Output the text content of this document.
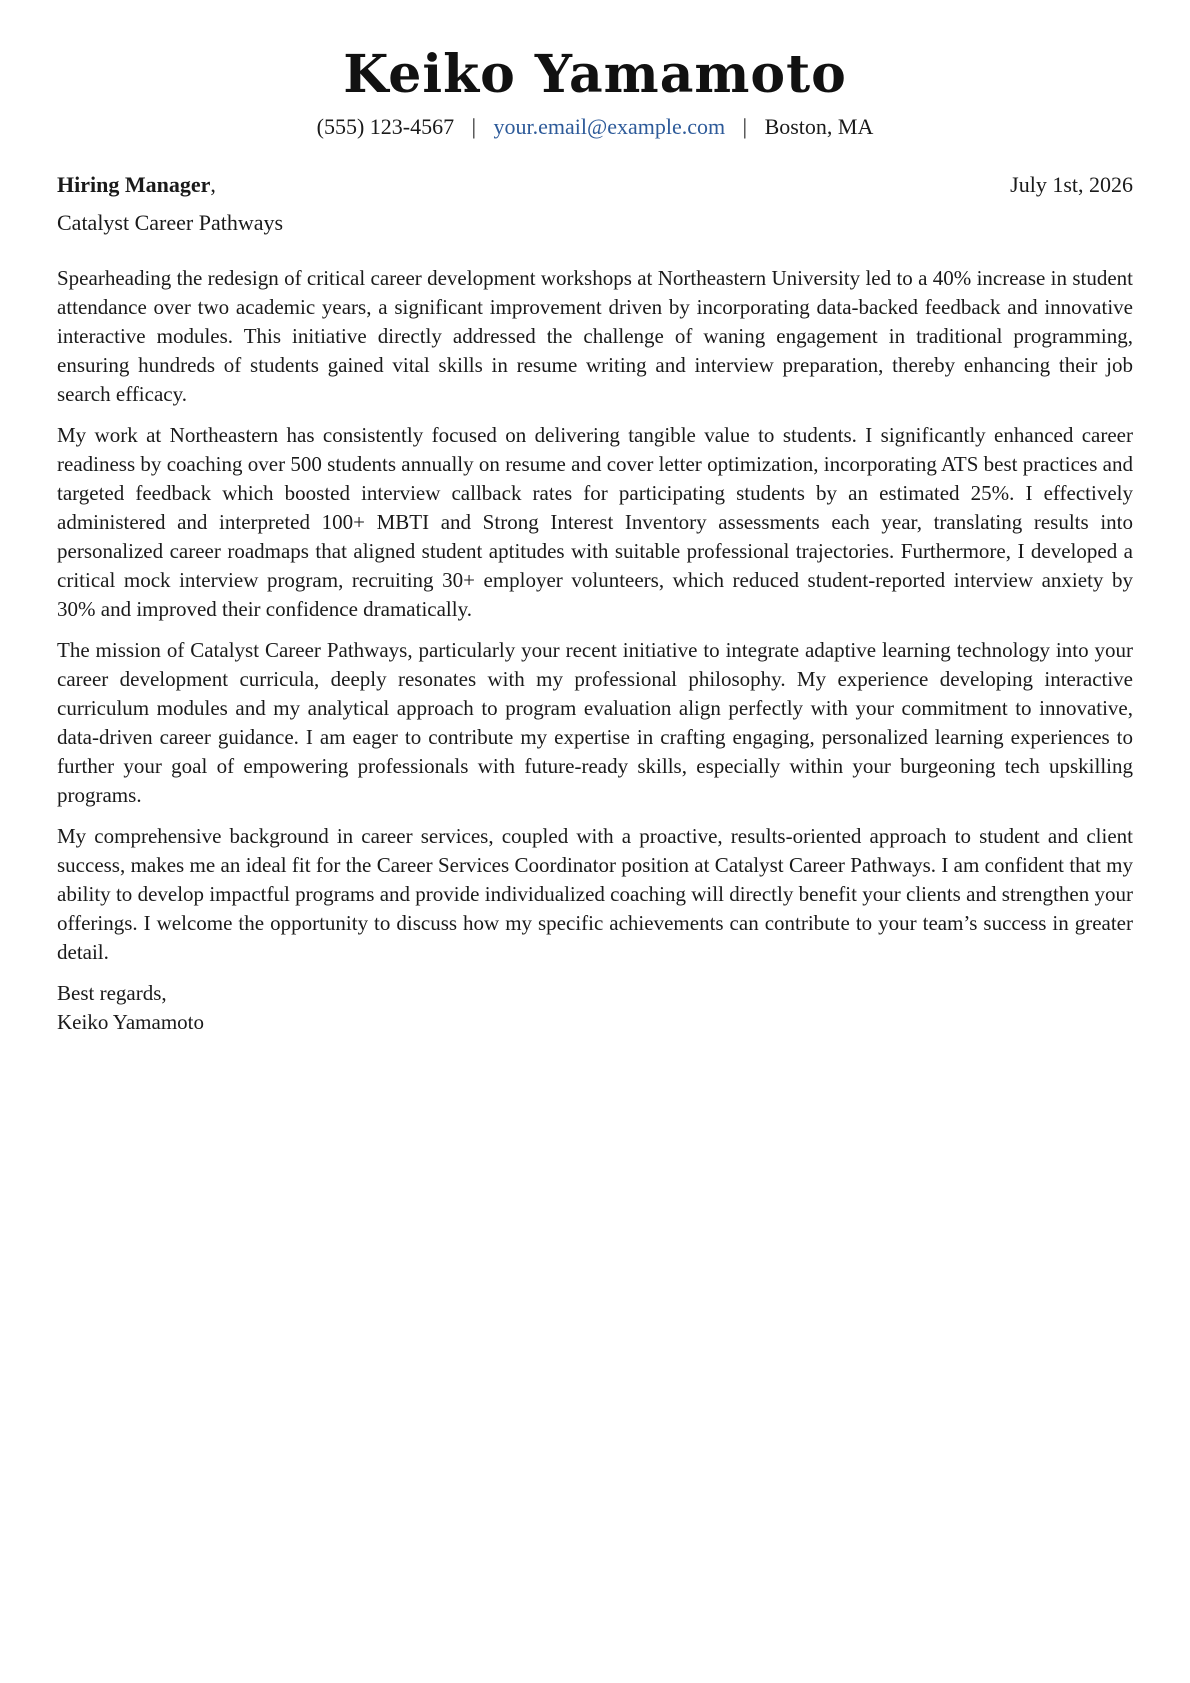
Keiko Yamamoto
(555) 123-4567 | your.email@example.com | Boston, MA
Hiring Manager,	July 1st, 2026
Catalyst Career Pathways

Spearheading the redesign of critical career development workshops at Northeastern University led to a 40% increase in student attendance over two academic years, a significant improvement driven by incorporating data-backed feedback and innovative interactive modules. This initiative directly addressed the challenge of waning engagement in traditional programming, ensuring hundreds of students gained vital skills in resume writing and interview preparation, thereby enhancing their job search efficacy.

My work at Northeastern has consistently focused on delivering tangible value to students. I significantly enhanced career readiness by coaching over 500 students annually on resume and cover letter optimization, incorporating ATS best practices and targeted feedback which boosted interview callback rates for participating students by an estimated 25%. I effectively administered and interpreted 100+ MBTI and Strong Interest Inventory assessments each year, translating results into personalized career roadmaps that aligned student aptitudes with suitable professional trajectories. Furthermore, I developed a critical mock interview program, recruiting 30+ employer volunteers, which reduced student-reported interview anxiety by 30% and improved their confidence dramatically.

The mission of Catalyst Career Pathways, particularly your recent initiative to integrate adaptive learning technology into your career development curricula, deeply resonates with my professional philosophy. My experience developing interactive curriculum modules and my analytical approach to program evaluation align perfectly with your commitment to innovative, data-driven career guidance. I am eager to contribute my expertise in crafting engaging, personalized learning experiences to further your goal of empowering professionals with future-ready skills, especially within your burgeoning tech upskilling programs.

My comprehensive background in career services, coupled with a proactive, results-oriented approach to student and client success, makes me an ideal fit for the Career Services Coordinator position at Catalyst Career Pathways. I am confident that my ability to develop impactful programs and provide individualized coaching will directly benefit your clients and strengthen your offerings. I welcome the opportunity to discuss how my specific achievements can contribute to your team’s success in greater detail.

Best regards,
Keiko Yamamoto
